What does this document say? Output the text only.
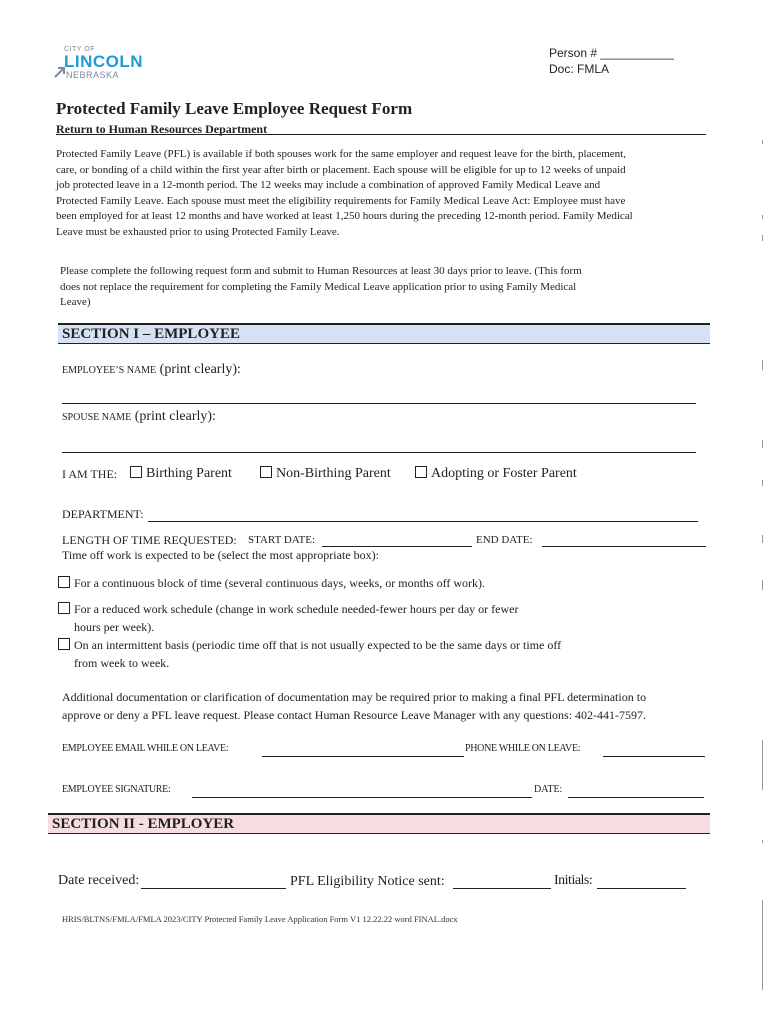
CITY OF
LINCOLN
NEBRASKA
Person # ___________
Doc: FMLA
Protected Family Leave Employee Request Form
Return to Human Resources Department
Protected Family Leave (PFL) is available if both spouses work for the same employer and request leave for the birth, placement,
care, or bonding of a child within the first year after birth or placement. Each spouse will be eligible for up to 12 weeks of unpaid
job protected leave in a 12-month period. The 12 weeks may include a combination of approved Family Medical Leave and
Protected Family Leave. Each spouse must meet the eligibility requirements for Family Medical Leave Act: Employee must have
been employed for at least 12 months and have worked at least 1,250 hours during the preceding 12-month period. Family Medical
Leave must be exhausted prior to using Protected Family Leave.
Please complete the following request form and submit to Human Resources at least 30 days prior to leave. (This form
does not replace the requirement for completing the Family Medical Leave application prior to using Family Medical
Leave)
SECTION I – EMPLOYEE
EMPLOYEE’S NAME (print clearly):
SPOUSE NAME (print clearly):
I AM THE:	Birthing Parent	Non-Birthing Parent	Adopting or Foster Parent
DEPARTMENT:
LENGTH OF TIME REQUESTED: START DATE:	END DATE:
Time off work is expected to be (select the most appropriate box):
For a continuous block of time (several continuous days, weeks, or months off work).
For a reduced work schedule (change in work schedule needed-fewer hours per day or fewer
hours per week).
On an intermittent basis (periodic time off that is not usually expected to be the same days or time off
from week to week.
Additional documentation or clarification of documentation may be required prior to making a final PFL determination to
approve or deny a PFL leave request. Please contact Human Resource Leave Manager with any questions: 402-441-7597.
EMPLOYEE EMAIL WHILE ON LEAVE:	PHONE WHILE ON LEAVE:
EMPLOYEE SIGNATURE:	DATE:
SECTION II - EMPLOYER
Date received:	PFL Eligibility Notice sent:	Initials:
HRIS/BLTNS/FMLA/FMLA 2023/CITY Protected Family Leave Application Form V1 12.22.22 word FINAL.docx
